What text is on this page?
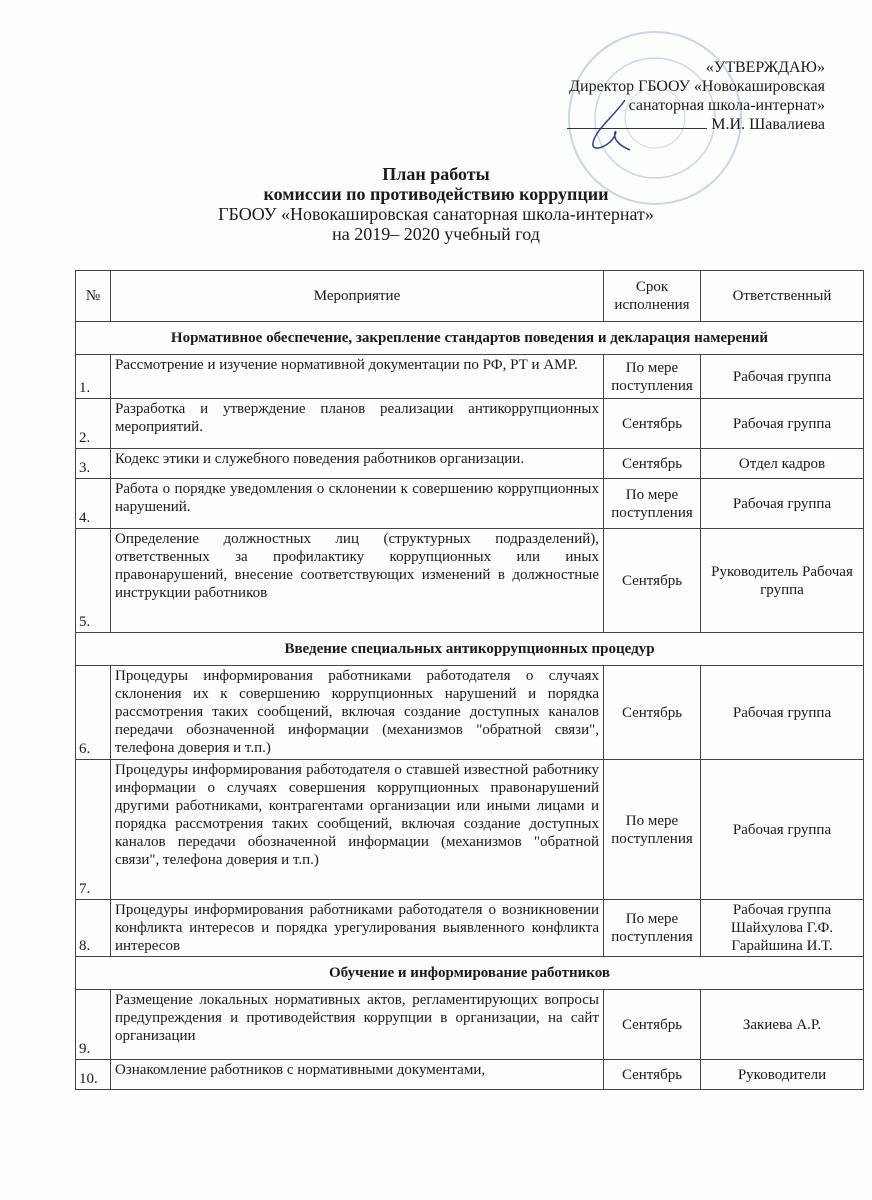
«УТВЕРЖДАЮ»
Директор ГБООУ «Новокашировская
санаторная школа-интернат»
М.И. Шавалиева
План работы
комиссии по противодействию коррупции
ГБООУ «Новокашировская санаторная школа-интернат»
на 2019– 2020 учебный год
№	Мероприятие	Срок исполнения	Ответственный
Нормативное обеспечение, закрепление стандартов поведения и декларация намерений			
1.	Рассмотрение и изучение нормативной документации по РФ, РТ и АМР.	По мере поступления	Рабочая группа
2.	Разработка и утверждение планов реализации антикоррупционных мероприятий.	Сентябрь	Рабочая группа
3.	Кодекс этики и служебного поведения работников организации.	Сентябрь	Отдел кадров
4.	Работа о порядке уведомления о склонении к совершению коррупционных нарушений.	По мере поступления	Рабочая группа
5.	Определение должностных лиц (структурных подразделений), ответственных за профилактику коррупционных или иных правонарушений, внесение соответствующих изменений в должностные инструкции работников	Сентябрь	Руководитель Рабочая группа
Введение специальных антикоррупционных процедур			
6.	Процедуры информирования работниками работодателя о случаях склонения их к совершению коррупционных нарушений и порядка рассмотрения таких сообщений, включая создание доступных каналов передачи обозначенной информации (механизмов "обратной связи", телефона доверия и т.п.)	Сентябрь	Рабочая группа
7.	Процедуры информирования работодателя о ставшей известной работнику информации о случаях совершения коррупционных правонарушений другими работниками, контрагентами организации или иными лицами и порядка рассмотрения таких сообщений, включая создание доступных каналов передачи обозначенной информации (механизмов "обратной связи", телефона доверия и т.п.)	По мере поступления	Рабочая группа
8.	Процедуры информирования работниками работодателя о возникновении конфликта интересов и порядка урегулирования выявленного конфликта интересов	По мере поступления	Рабочая группа Шайхулова Г.Ф. Гарайшина И.Т.
Обучение и информирование работников			
9.	Размещение локальных нормативных актов, регламентирующих вопросы предупреждения и противодействия коррупции в организации, на сайт организации	Сентябрь	Закиева А.Р.
10.	Ознакомление работников с нормативными документами,	Сентябрь	Руководители
